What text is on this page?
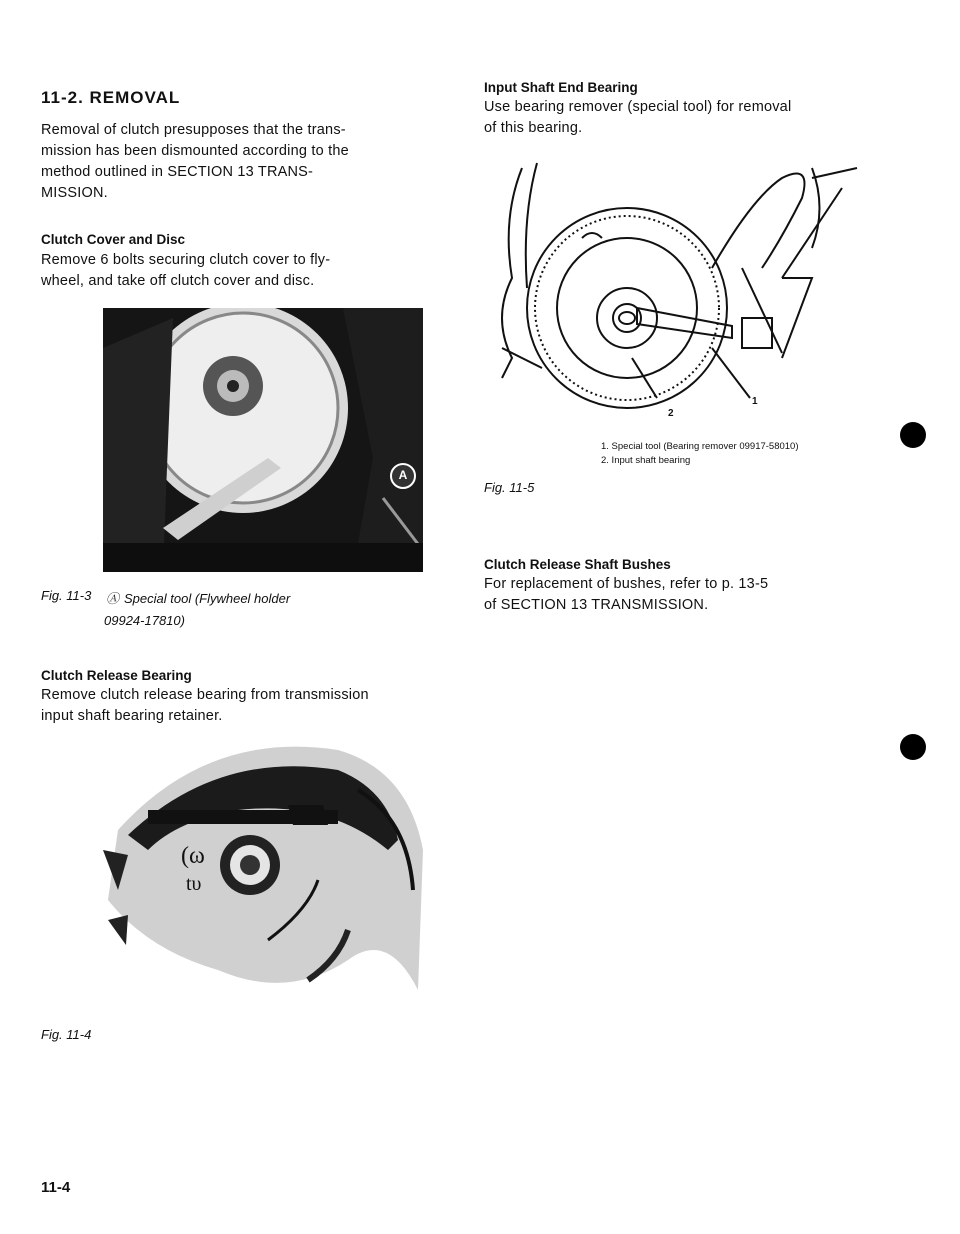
11-2. REMOVAL
Removal of clutch presupposes that the trans-
mission has been dismounted according to the
method outlined in SECTION 13 TRANS-
MISSION.
Clutch Cover and Disc
Remove 6 bolts securing clutch cover to fly-
wheel, and take off clutch cover and disc.
A
Fig. 11-3 Ⓐ Special tool (Flywheel holder
09924-17810)
Clutch Release Bearing
Remove clutch release bearing from transmission
input shaft bearing retainer.
(ω
tυ
Fig. 11-4
11-4
Input Shaft End Bearing
Use bearing remover (special tool) for removal
of this bearing.
2
1
1. Special tool (Bearing remover 09917-58010)
2. Input shaft bearing
Fig. 11-5
Clutch Release Shaft Bushes
For replacement of bushes, refer to p. 13-5
of SECTION 13 TRANSMISSION.
